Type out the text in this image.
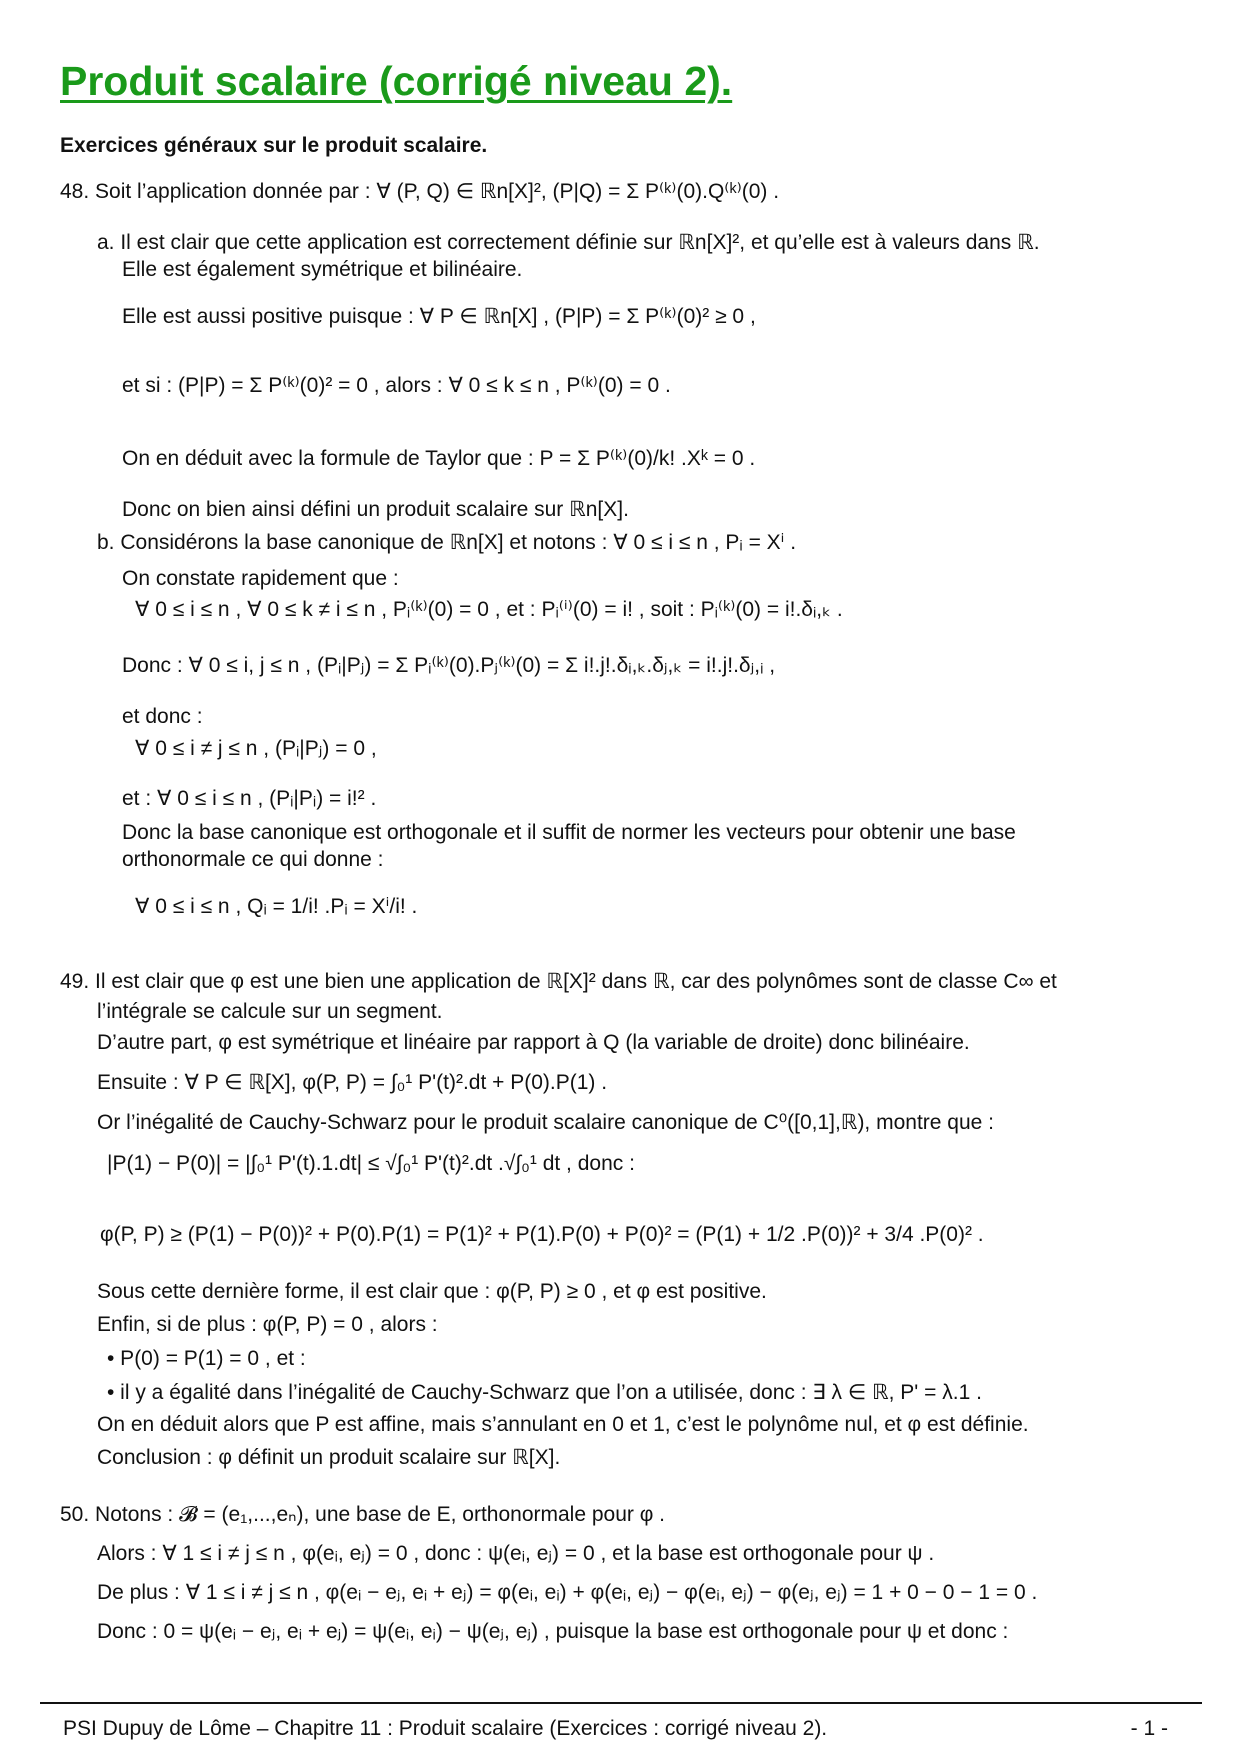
Produit scalaire (corrigé niveau 2).
Exercices généraux sur le produit scalaire.
48. Soit l’application donnée par : ∀ (P, Q) ∈ ℝn[X]², (P|Q) = Σ P⁽ᵏ⁾(0).Q⁽ᵏ⁾(0) .
a. Il est clair que cette application est correctement définie sur ℝn[X]², et qu’elle est à valeurs dans ℝ.
Elle est également symétrique et bilinéaire.
Elle est aussi positive puisque : ∀ P ∈ ℝn[X] , (P|P) = Σ P⁽ᵏ⁾(0)² ≥ 0 ,
et si : (P|P) = Σ P⁽ᵏ⁾(0)² = 0 , alors : ∀ 0 ≤ k ≤ n , P⁽ᵏ⁾(0) = 0 .
On en déduit avec la formule de Taylor que : P = Σ P⁽ᵏ⁾(0)/k! .Xᵏ = 0 .
Donc on bien ainsi défini un produit scalaire sur ℝn[X].
b. Considérons la base canonique de ℝn[X] et notons : ∀ 0 ≤ i ≤ n , Pᵢ = Xⁱ .
On constate rapidement que :
∀ 0 ≤ i ≤ n , ∀ 0 ≤ k ≠ i ≤ n , Pᵢ⁽ᵏ⁾(0) = 0 , et : Pᵢ⁽ⁱ⁾(0) = i! , soit : Pᵢ⁽ᵏ⁾(0) = i!.δᵢ,ₖ .
Donc : ∀ 0 ≤ i, j ≤ n , (Pᵢ|Pⱼ) = Σ Pᵢ⁽ᵏ⁾(0).Pⱼ⁽ᵏ⁾(0) = Σ i!.j!.δᵢ,ₖ.δⱼ,ₖ = i!.j!.δⱼ,ᵢ ,
et donc :
∀ 0 ≤ i ≠ j ≤ n , (Pᵢ|Pⱼ) = 0 ,
et : ∀ 0 ≤ i ≤ n , (Pᵢ|Pᵢ) = i!² .
Donc la base canonique est orthogonale et il suffit de normer les vecteurs pour obtenir une base
orthonormale ce qui donne :
∀ 0 ≤ i ≤ n , Qᵢ = 1/i! .Pᵢ = Xⁱ/i! .
49. Il est clair que φ est une bien une application de ℝ[X]² dans ℝ, car des polynômes sont de classe C∞ et
l’intégrale se calcule sur un segment.
D’autre part, φ est symétrique et linéaire par rapport à Q (la variable de droite) donc bilinéaire.
Ensuite : ∀ P ∈ ℝ[X], φ(P, P) = ∫₀¹ P'(t)².dt + P(0).P(1) .
Or l’inégalité de Cauchy-Schwarz pour le produit scalaire canonique de C⁰([0,1],ℝ), montre que :
|P(1) − P(0)| = |∫₀¹ P'(t).1.dt| ≤ √∫₀¹ P'(t)².dt .√∫₀¹ dt , donc :
φ(P, P) ≥ (P(1) − P(0))² + P(0).P(1) = P(1)² + P(1).P(0) + P(0)² = (P(1) + 1/2 .P(0))² + 3/4 .P(0)² .
Sous cette dernière forme, il est clair que : φ(P, P) ≥ 0 , et φ est positive.
Enfin, si de plus : φ(P, P) = 0 , alors :
• P(0) = P(1) = 0 , et :
• il y a égalité dans l’inégalité de Cauchy-Schwarz que l’on a utilisée, donc : ∃ λ ∈ ℝ, P' = λ.1 .
On en déduit alors que P est affine, mais s’annulant en 0 et 1, c’est le polynôme nul, et φ est définie.
Conclusion : φ définit un produit scalaire sur ℝ[X].
50. Notons : 𝓑 = (e₁,...,eₙ), une base de E, orthonormale pour φ .
Alors : ∀ 1 ≤ i ≠ j ≤ n , φ(eᵢ, eⱼ) = 0 , donc : ψ(eᵢ, eⱼ) = 0 , et la base est orthogonale pour ψ .
De plus : ∀ 1 ≤ i ≠ j ≤ n , φ(eᵢ − eⱼ, eᵢ + eⱼ) = φ(eᵢ, eᵢ) + φ(eᵢ, eⱼ) − φ(eᵢ, eⱼ) − φ(eⱼ, eⱼ) = 1 + 0 − 0 − 1 = 0 .
Donc : 0 = ψ(eᵢ − eⱼ, eᵢ + eⱼ) = ψ(eᵢ, eᵢ) − ψ(eⱼ, eⱼ) , puisque la base est orthogonale pour ψ et donc :
PSI Dupuy de Lôme – Chapitre 11 : Produit scalaire (Exercices : corrigé niveau 2).	- 1 -
